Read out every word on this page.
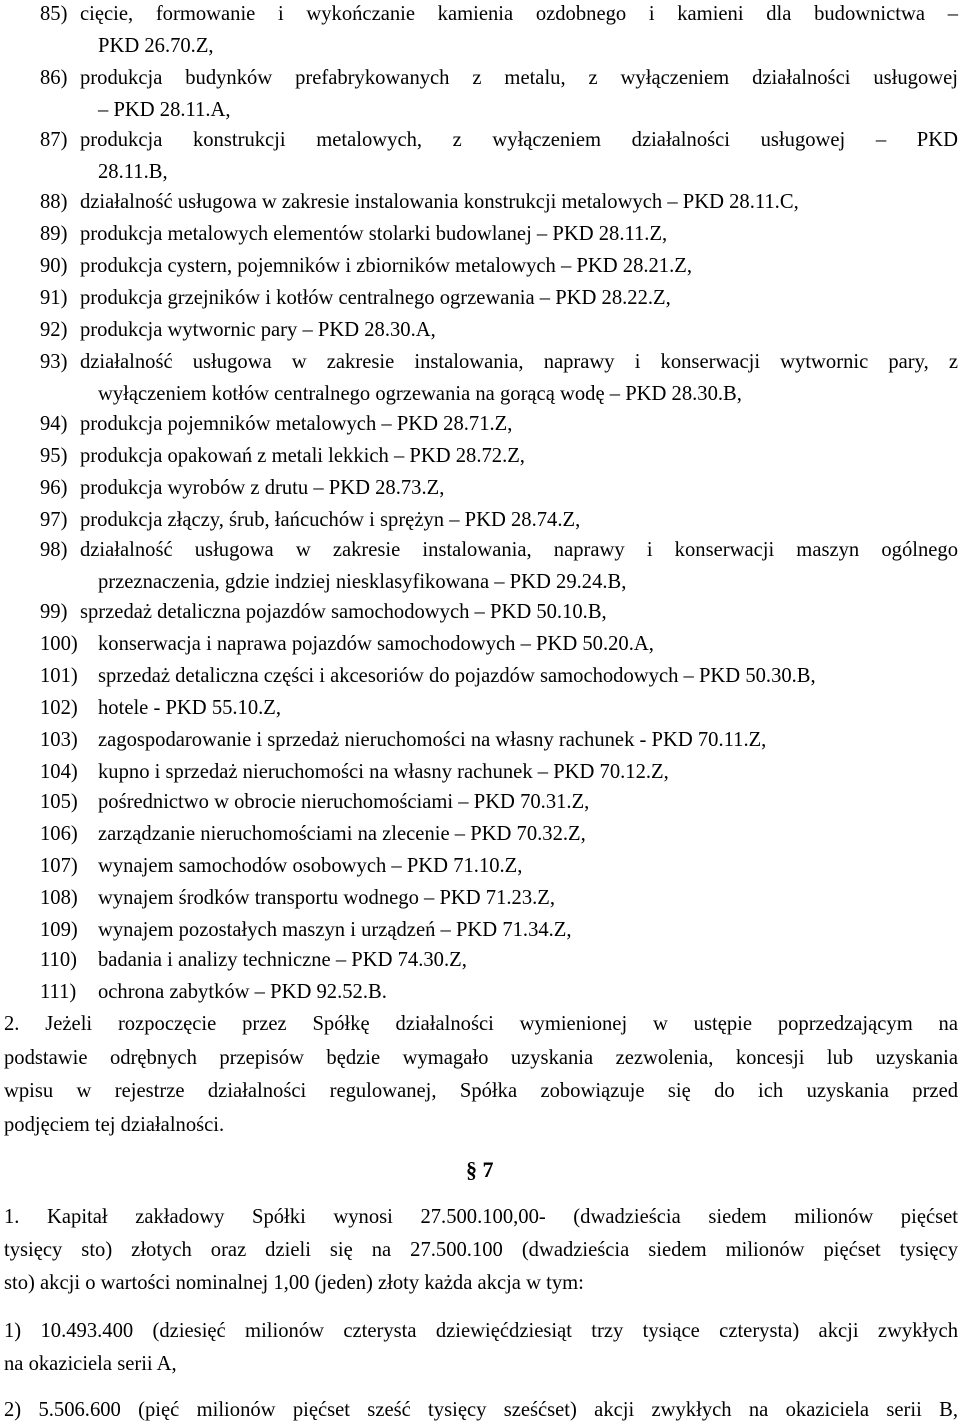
85) cięcie, formowanie i wykończanie kamienia ozdobnego i kamieni dla budownictwa –
PKD 26.70.Z,
86) produkcja budynków prefabrykowanych z metalu, z wyłączeniem działalności usługowej
– PKD 28.11.A,
87) produkcja konstrukcji metalowych, z wyłączeniem działalności usługowej – PKD
28.11.B,
88) działalność usługowa w zakresie instalowania konstrukcji metalowych – PKD 28.11.C,
89) produkcja metalowych elementów stolarki budowlanej – PKD 28.11.Z,
90) produkcja cystern, pojemników i zbiorników metalowych – PKD 28.21.Z,
91) produkcja grzejników i kotłów centralnego ogrzewania – PKD 28.22.Z,
92) produkcja wytwornic pary – PKD 28.30.A,
93) działalność usługowa w zakresie instalowania, naprawy i konserwacji wytwornic pary, z
wyłączeniem kotłów centralnego ogrzewania na gorącą wodę – PKD 28.30.B,
94) produkcja pojemników metalowych – PKD 28.71.Z,
95) produkcja opakowań z metali lekkich – PKD 28.72.Z,
96) produkcja wyrobów z drutu – PKD 28.73.Z,
97) produkcja złączy, śrub, łańcuchów i sprężyn – PKD 28.74.Z,
98) działalność usługowa w zakresie instalowania, naprawy i konserwacji maszyn ogólnego
przeznaczenia, gdzie indziej niesklasyfikowana – PKD 29.24.B,
99) sprzedaż detaliczna pojazdów samochodowych – PKD 50.10.B,
100) konserwacja i naprawa pojazdów samochodowych – PKD 50.20.A,
101) sprzedaż detaliczna części i akcesoriów do pojazdów samochodowych – PKD 50.30.B,
102) hotele - PKD 55.10.Z,
103) zagospodarowanie i sprzedaż nieruchomości na własny rachunek - PKD 70.11.Z,
104) kupno i sprzedaż nieruchomości na własny rachunek – PKD 70.12.Z,
105) pośrednictwo w obrocie nieruchomościami – PKD 70.31.Z,
106) zarządzanie nieruchomościami na zlecenie – PKD 70.32.Z,
107) wynajem samochodów osobowych – PKD 71.10.Z,
108) wynajem środków transportu wodnego – PKD 71.23.Z,
109) wynajem pozostałych maszyn i urządzeń – PKD 71.34.Z,
110) badania i analizy techniczne – PKD 74.30.Z,
111) ochrona zabytków – PKD 92.52.B.
2. Jeżeli rozpoczęcie przez Spółkę działalności wymienionej w ustępie poprzedzającym na
podstawie odrębnych przepisów będzie wymagało uzyskania zezwolenia, koncesji lub uzyskania
wpisu w rejestrze działalności regulowanej, Spółka zobowiązuje się do ich uzyskania przed
podjęciem tej działalności.
§ 7
1. Kapitał zakładowy Spółki wynosi 27.500.100,00- (dwadzieścia siedem milionów pięćset
tysięcy sto) złotych oraz dzieli się na 27.500.100 (dwadzieścia siedem milionów pięćset tysięcy
sto) akcji o wartości nominalnej 1,00 (jeden) złoty każda akcja w tym:
1) 10.493.400 (dziesięć milionów czterysta dziewięćdziesiąt trzy tysiące czterysta) akcji zwykłych
na okaziciela serii A,
2) 5.506.600 (pięć milionów pięćset sześć tysięcy sześćset) akcji zwykłych na okaziciela serii B,
